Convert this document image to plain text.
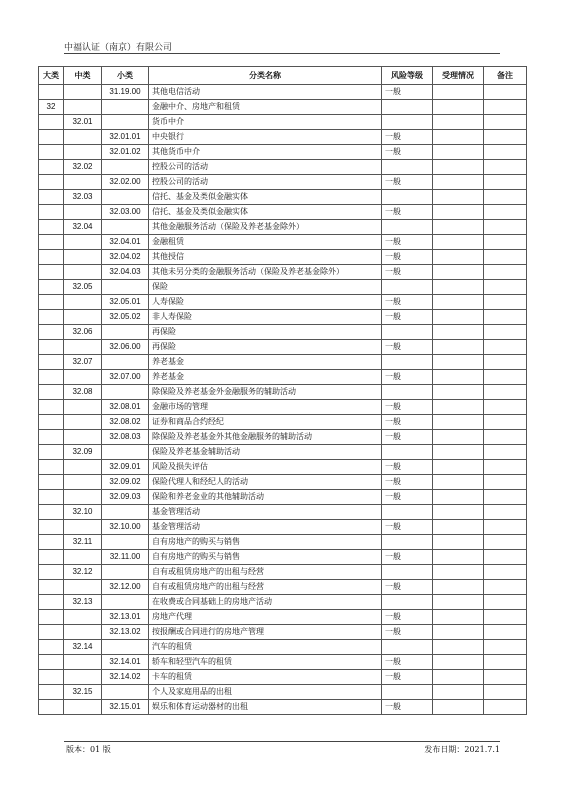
中福认证（南京）有限公司
大类	中类	小类	分类名称	风险等级	受理情况	备注
		31.19.00	其他电信活动	一般		
32			金融中介、房地产和租赁			
	32.01		货币中介			
		32.01.01	中央银行	一般		
		32.01.02	其他货币中介	一般		
	32.02		控股公司的活动			
		32.02.00	控股公司的活动	一般		
	32.03		信托、基金及类似金融实体			
		32.03.00	信托、基金及类似金融实体	一般		
	32.04		其他金融服务活动（保险及养老基金除外）			
		32.04.01	金融租赁	一般		
		32.04.02	其他授信	一般		
		32.04.03	其他未另分类的金融服务活动（保险及养老基金除外）	一般		
	32.05		保险			
		32.05.01	人寿保险	一般		
		32.05.02	非人寿保险	一般		
	32.06		再保险			
		32.06.00	再保险	一般		
	32.07		养老基金			
		32.07.00	养老基金	一般		
	32.08		除保险及养老基金外金融服务的辅助活动			
		32.08.01	金融市场的管理	一般		
		32.08.02	证券和商品合约经纪	一般		
		32.08.03	除保险及养老基金外其他金融服务的辅助活动	一般		
	32.09		保险及养老基金辅助活动			
		32.09.01	风险及损失评估	一般		
		32.09.02	保险代理人和经纪人的活动	一般		
		32.09.03	保险和养老金业的其他辅助活动	一般		
	32.10		基金管理活动			
		32.10.00	基金管理活动	一般		
	32.11		自有房地产的购买与销售			
		32.11.00	自有房地产的购买与销售	一般		
	32.12		自有或租赁房地产的出租与经营			
		32.12.00	自有或租赁房地产的出租与经营	一般		
	32.13		在收费或合同基础上的房地产活动			
		32.13.01	房地产代理	一般		
		32.13.02	按报酬或合同进行的房地产管理	一般		
	32.14		汽车的租赁			
		32.14.01	轿车和轻型汽车的租赁	一般		
		32.14.02	卡车的租赁	一般		
	32.15		个人及家庭用品的出租			
		32.15.01	娱乐和体育运动器材的出租	一般		
版本：01 版	发布日期：2021.7.1
